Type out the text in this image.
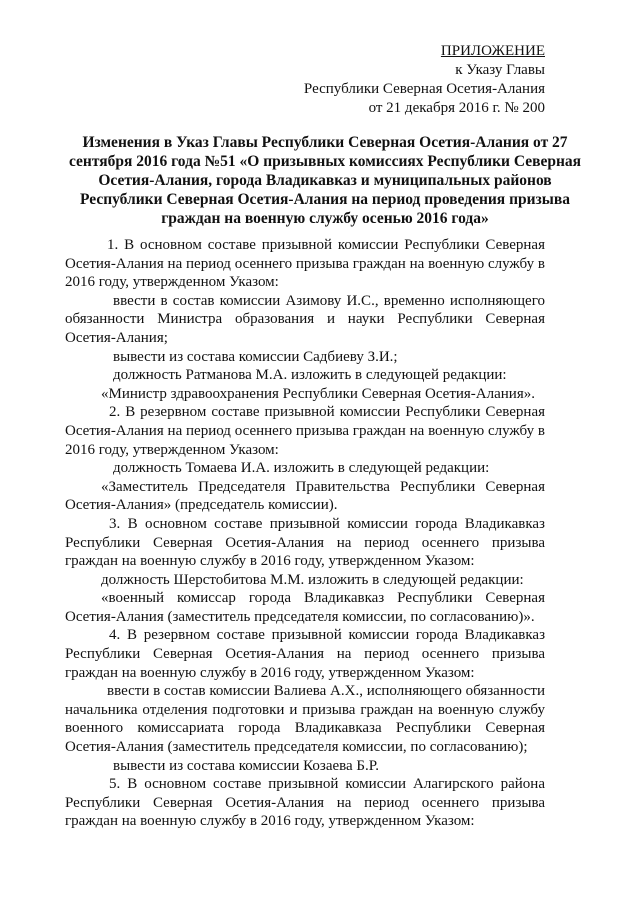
ПРИЛОЖЕНИЕ
к Указу Главы
Республики Северная Осетия-Алания
от 21 декабря 2016 г. № 200
Изменения в Указ Главы Республики Северная Осетия-Алания от 27 сентября 2016 года №51 «О призывных комиссиях Республики Северная Осетия-Алания, города Владикавказ и муниципальных районов Республики Северная Осетия-Алания на период проведения призыва граждан на военную службу осенью 2016 года»

1. В основном составе призывной комиссии Республики Северная Осетия-Алания на период осеннего призыва граждан на военную службу в 2016 году, утвержденном Указом:

ввести в состав комиссии Азимову И.С., временно исполняющего обязанности Министра образования и науки Республики Северная Осетия-Алания;

вывести из состава комиссии Садбиеву З.И.;

должность Ратманова М.А. изложить в следующей редакции:

«Министр здравоохранения Республики Северная Осетия-Алания».

2. В резервном составе призывной комиссии Республики Северная Осетия-Алания на период осеннего призыва граждан на военную службу в 2016 году, утвержденном Указом:

должность Томаева И.А. изложить в следующей редакции:

«Заместитель Председателя Правительства Республики Северная Осетия-Алания» (председатель комиссии).

3. В основном составе призывной комиссии города Владикавказ Республики Северная Осетия-Алания на период осеннего призыва граждан на военную службу в 2016 году, утвержденном Указом:

должность Шерстобитова М.М. изложить в следующей редакции:

«военный комиссар города Владикавказ Республики Северная Осетия-Алания (заместитель председателя комиссии, по согласованию)».

4. В резервном составе призывной комиссии города Владикавказ Республики Северная Осетия-Алания на период осеннего призыва граждан на военную службу в 2016 году, утвержденном Указом:

ввести в состав комиссии Валиева А.Х., исполняющего обязанности начальника отделения подготовки и призыва граждан на военную службу военного комиссариата города Владикавказа Республики Северная Осетия-Алания (заместитель председателя комиссии, по согласованию);

вывести из состава комиссии Козаева Б.Р.

5. В основном составе призывной комиссии Алагирского района Республики Северная Осетия-Алания на период осеннего призыва граждан на военную службу в 2016 году, утвержденном Указом:
